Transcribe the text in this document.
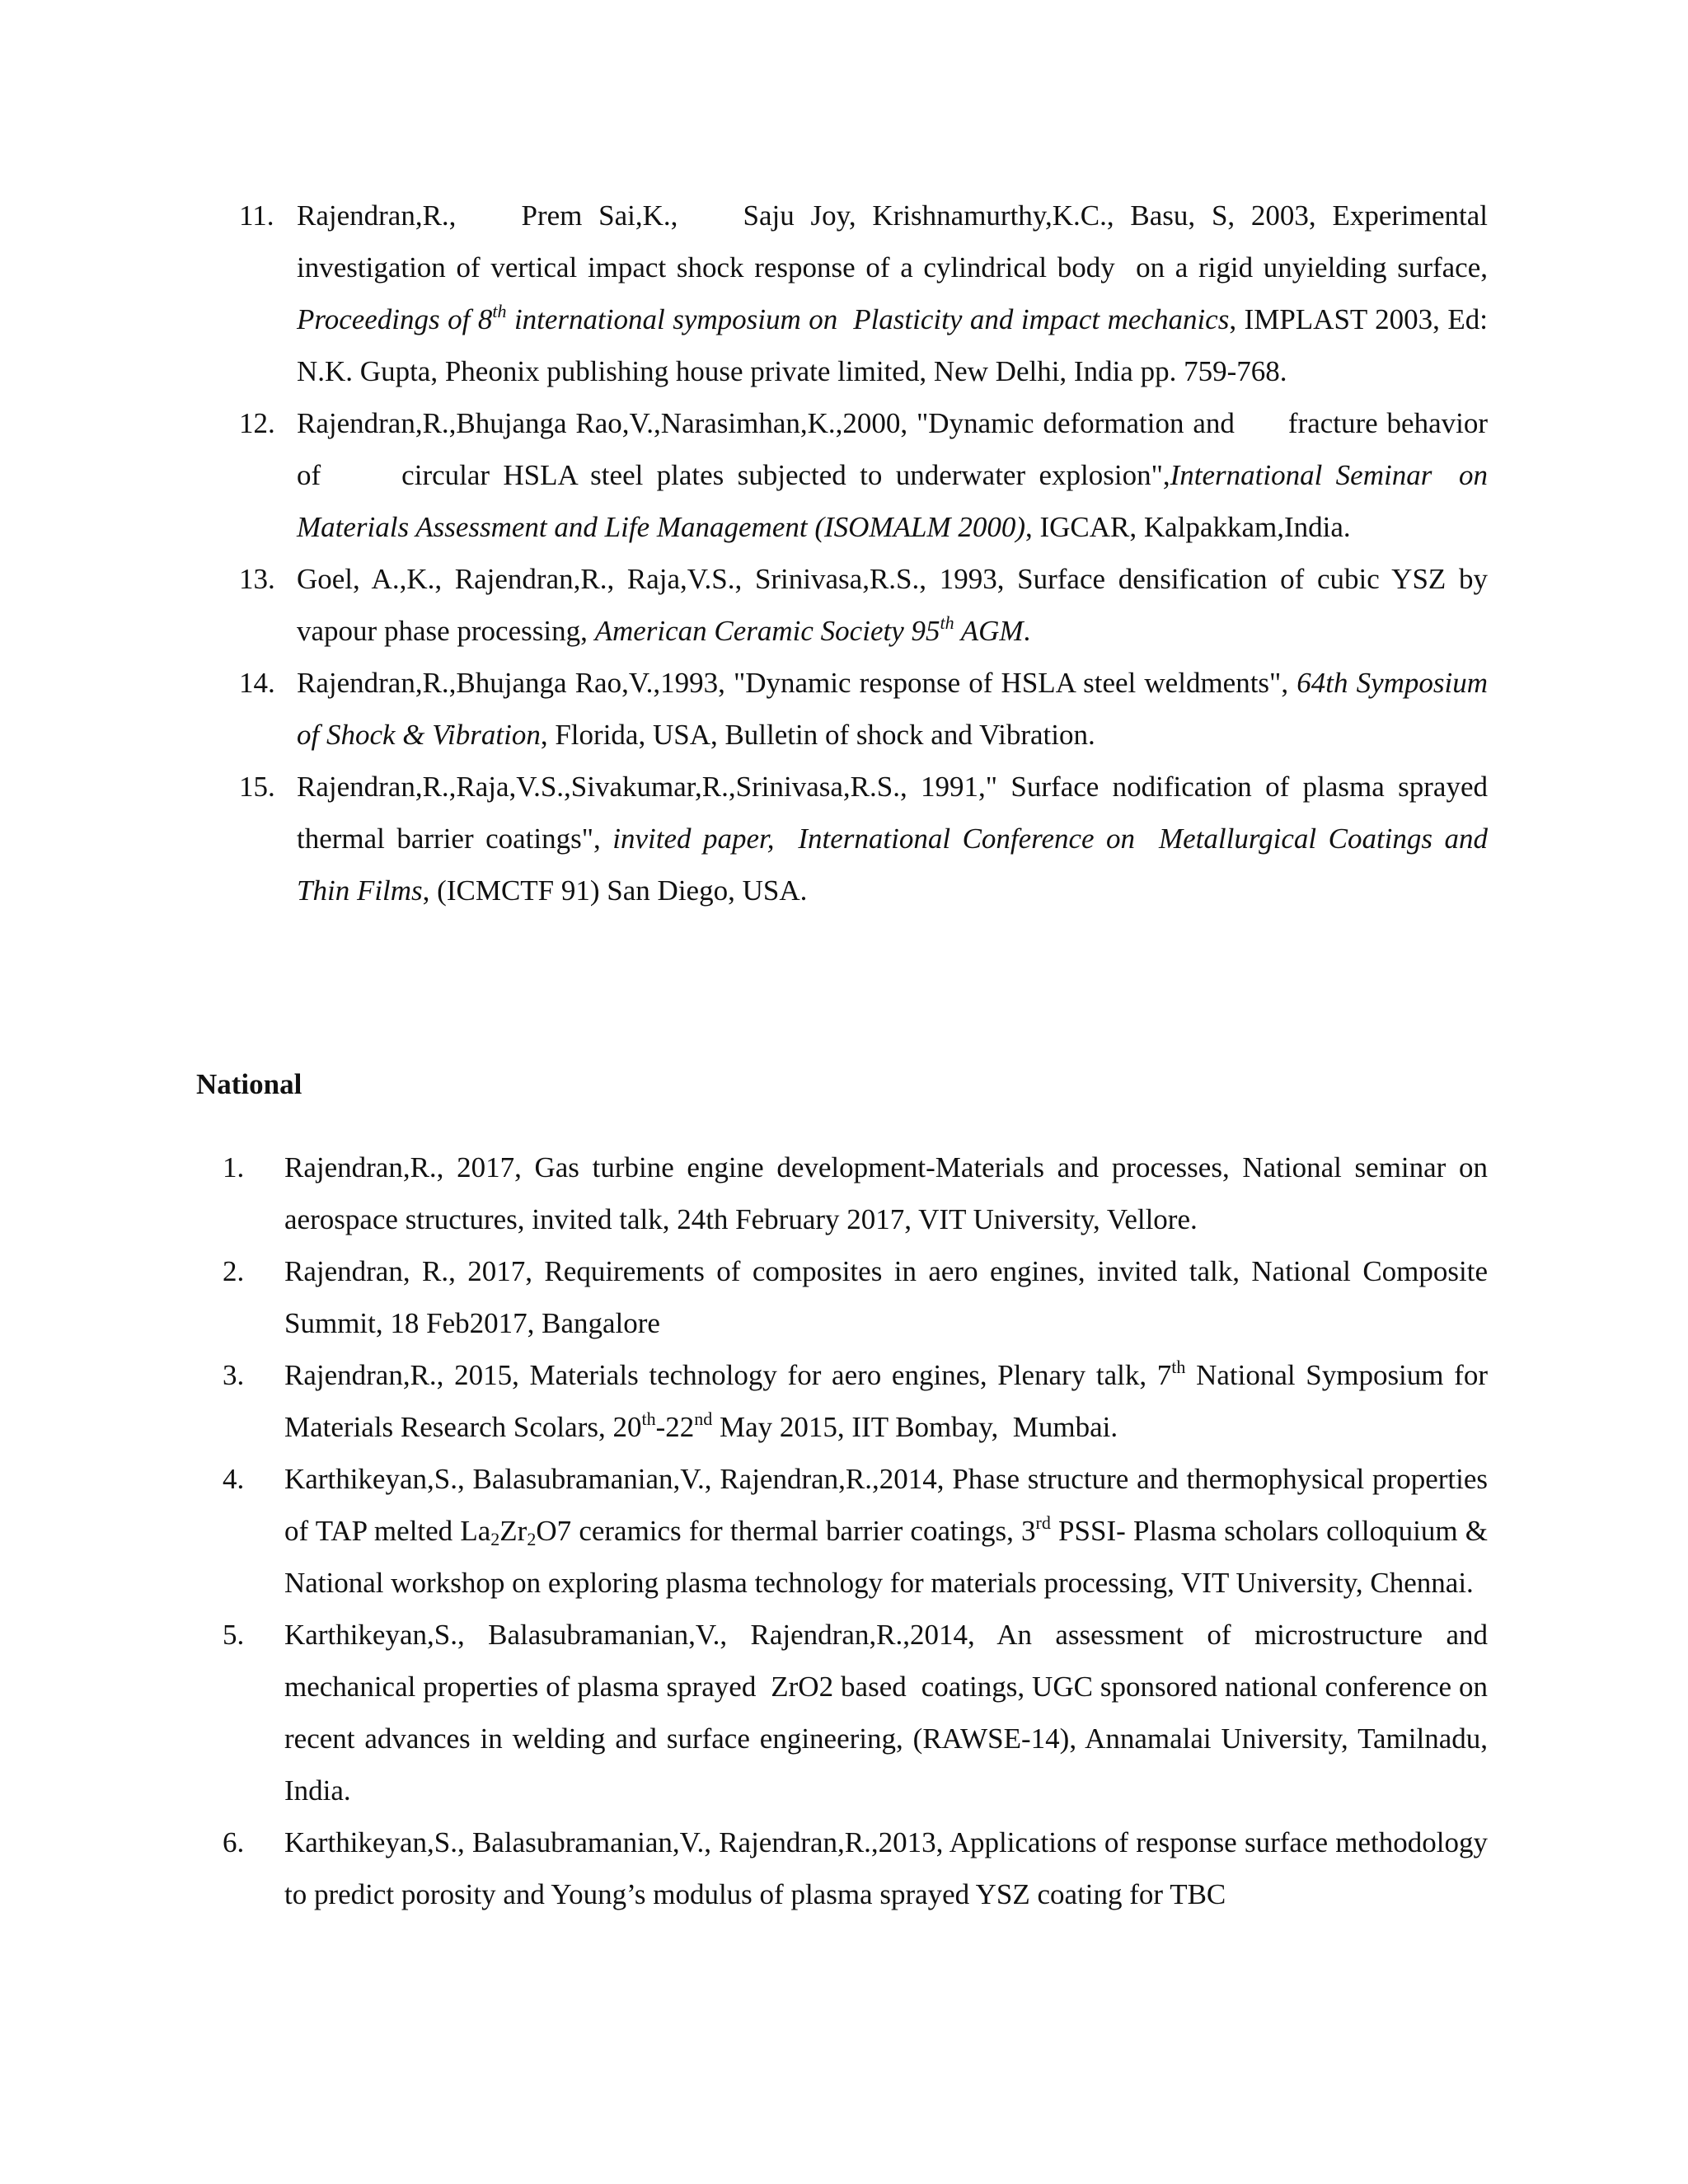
11. Rajendran,R.,    Prem Sai,K.,    Saju Joy, Krishnamurthy,K.C., Basu, S, 2003, Experimental investigation of vertical impact shock response of a cylindrical body  on a rigid unyielding surface, Proceedings of 8th international symposium on  Plasticity and impact mechanics, IMPLAST 2003, Ed: N.K. Gupta, Pheonix publishing house private limited, New Delhi, India pp. 759-768.
12. Rajendran,R.,Bhujanga Rao,V.,Narasimhan,K.,2000, "Dynamic deformation and      fracture behavior of      circular HSLA steel plates subjected to underwater explosion",International Seminar  on Materials Assessment and Life Management (ISOMALM 2000), IGCAR, Kalpakkam,India.
13. Goel, A.,K., Rajendran,R., Raja,V.S., Srinivasa,R.S., 1993, Surface densification of cubic YSZ by vapour phase processing, American Ceramic Society 95th AGM.
14. Rajendran,R.,Bhujanga Rao,V.,1993, "Dynamic response of HSLA steel weldments", 64th Symposium of Shock & Vibration, Florida, USA, Bulletin of shock and Vibration.
15. Rajendran,R.,Raja,V.S.,Sivakumar,R.,Srinivasa,R.S., 1991," Surface nodification of plasma sprayed thermal barrier coatings", invited paper,  International Conference on  Metallurgical Coatings and Thin Films, (ICMCTF 91) San Diego, USA.
National
1. Rajendran,R., 2017, Gas turbine engine development-Materials and processes, National seminar on aerospace structures, invited talk, 24th February 2017, VIT University, Vellore.
2. Rajendran, R., 2017, Requirements of composites in aero engines, invited talk, National Composite Summit, 18 Feb2017, Bangalore
3. Rajendran,R., 2015, Materials technology for aero engines, Plenary talk, 7th National Symposium for Materials Research Scolars, 20th-22nd May 2015, IIT Bombay,  Mumbai.
4. Karthikeyan,S., Balasubramanian,V., Rajendran,R.,2014, Phase structure and thermophysical properties of TAP melted $La_2Zr_2O7$ ceramics for thermal barrier coatings, 3rd PSSI- Plasma scholars colloquium & National workshop on exploring plasma technology for materials processing, VIT University, Chennai.
5. Karthikeyan,S., Balasubramanian,V., Rajendran,R.,2014, An assessment of microstructure and mechanical properties of plasma sprayed  ZrO2 based  coatings, UGC sponsored national conference on recent advances in welding and surface engineering, (RAWSE-14), Annamalai University, Tamilnadu, India.
6. Karthikeyan,S., Balasubramanian,V., Rajendran,R.,2013, Applications of response surface methodology to predict porosity and Young’s modulus of plasma sprayed YSZ coating for TBC
